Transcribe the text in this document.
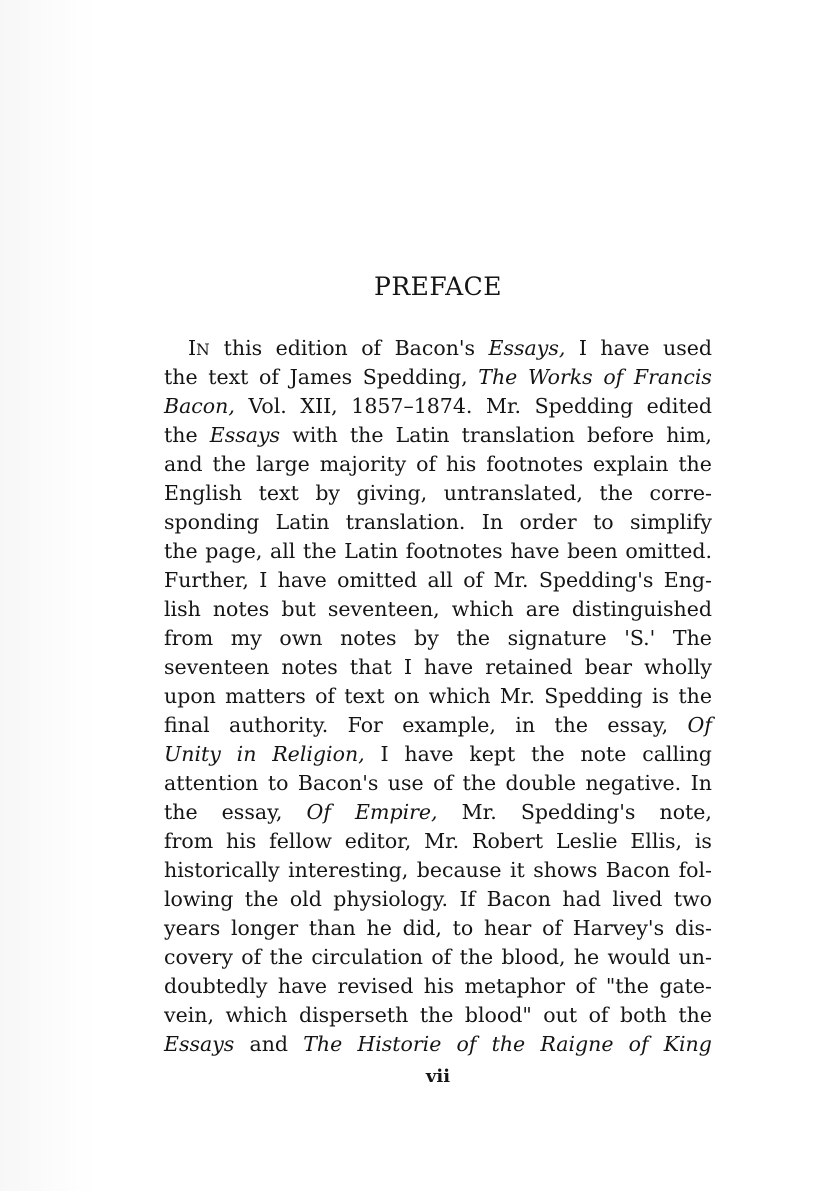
PREFACE
IN this edition of Bacon's Essays, I have used
the text of James Spedding, The Works of Francis
Bacon, Vol. XII, 1857–1874. Mr. Spedding edited
the Essays with the Latin translation before him,
and the large majority of his footnotes explain the
English text by giving, untranslated, the corre-
sponding Latin translation. In order to simplify
the page, all the Latin footnotes have been omitted.
Further, I have omitted all of Mr. Spedding's Eng-
lish notes but seventeen, which are distinguished
from my own notes by the signature 'S.' The
seventeen notes that I have retained bear wholly
upon matters of text on which Mr. Spedding is the
final authority. For example, in the essay, Of
Unity in Religion, I have kept the note calling
attention to Bacon's use of the double negative. In
the essay, Of Empire, Mr. Spedding's note,
from his fellow editor, Mr. Robert Leslie Ellis, is
historically interesting, because it shows Bacon fol-
lowing the old physiology. If Bacon had lived two
years longer than he did, to hear of Harvey's dis-
covery of the circulation of the blood, he would un-
doubtedly have revised his metaphor of "the gate-
vein, which disperseth the blood" out of both the
Essays and The Historie of the Raigne of King

vii
